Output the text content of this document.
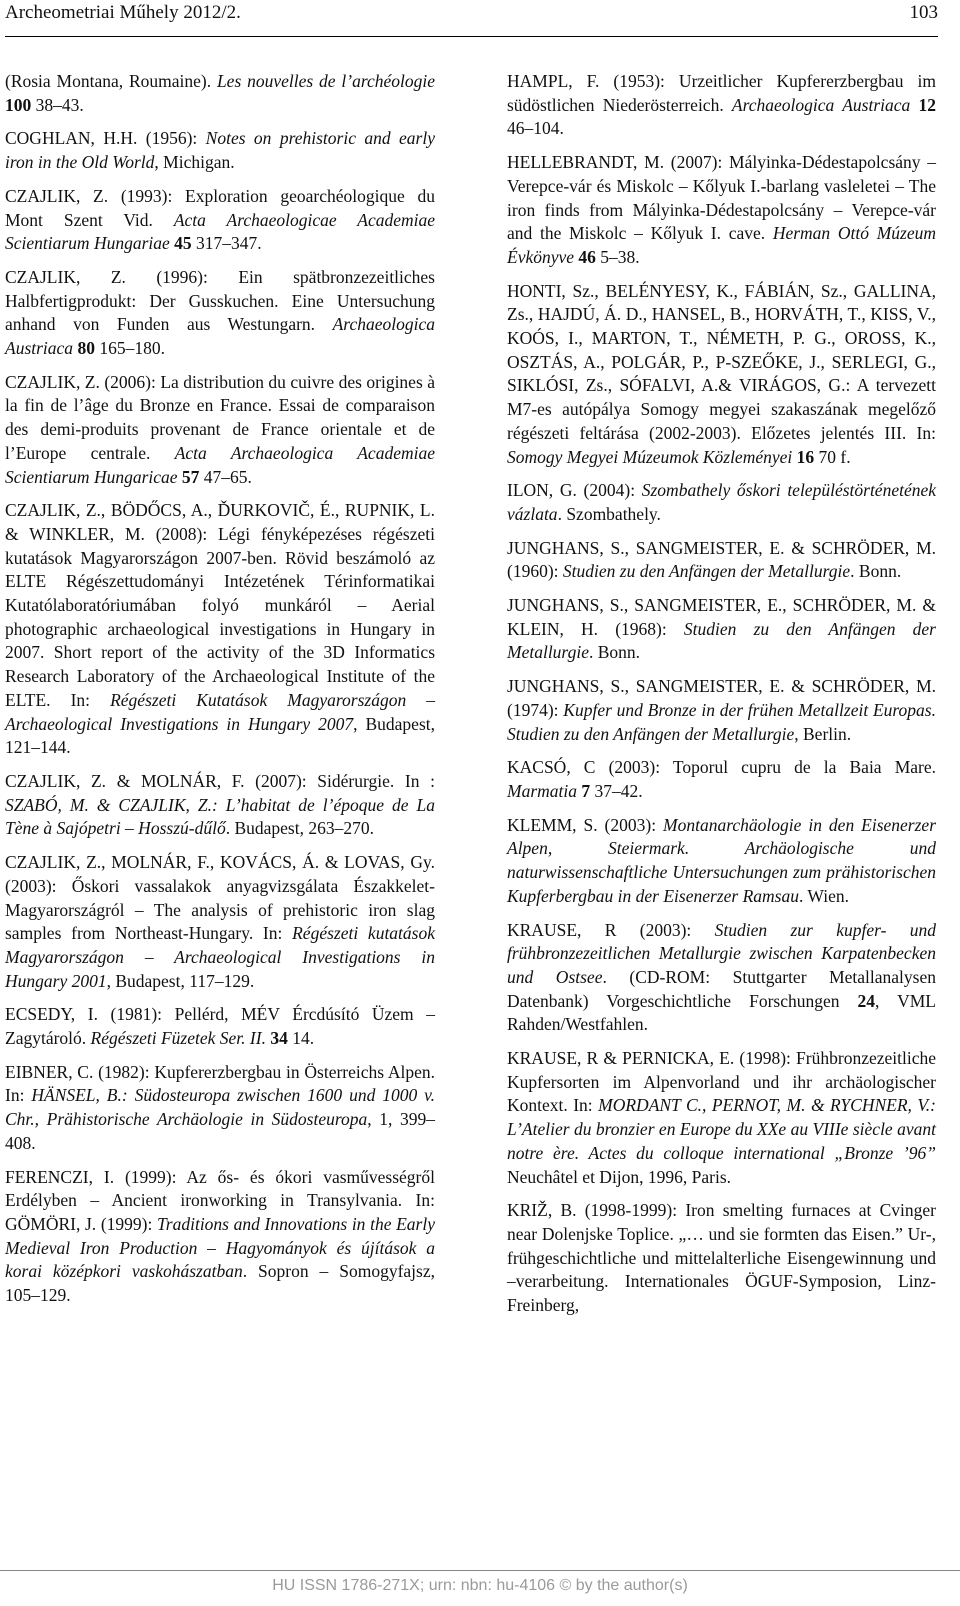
Archeometriai Műhely 2012/2.	103

(Rosia Montana, Roumaine). Les nouvelles de l’archéologie 100 38–43.

COGHLAN, H.H. (1956): Notes on prehistoric and early iron in the Old World, Michigan.

CZAJLIK, Z. (1993): Exploration geoarchéologique du Mont Szent Vid. Acta Archaeologicae Academiae Scientiarum Hungariae 45 317–347.

CZAJLIK, Z. (1996): Ein spätbronzezeitliches Halbfertigprodukt: Der Gusskuchen. Eine Untersuchung anhand von Funden aus Westungarn. Archaeologica Austriaca 80 165–180.

CZAJLIK, Z. (2006): La distribution du cuivre des origines à la fin de l’âge du Bronze en France. Essai de comparaison des demi-produits provenant de France orientale et de l’Europe centrale. Acta Archaeologica Academiae Scientiarum Hungaricae 57 47–65.

CZAJLIK, Z., BÖDŐCS, A., ĎURKOVIČ, É., RUPNIK, L. & WINKLER, M. (2008): Légi fényképezéses régészeti kutatások Magyarországon 2007-ben. Rövid beszámoló az ELTE Régészettudományi Intézetének Térinformatikai Kutatólaboratóriumában folyó munkáról – Aerial photographic archaeological investigations in Hungary in 2007. Short report of the activity of the 3D Informatics Research Laboratory of the Archaeological Institute of the ELTE. In: Régészeti Kutatások Magyarországon – Archaeological Investigations in Hungary 2007, Budapest, 121–144.

CZAJLIK, Z. & MOLNÁR, F. (2007): Sidérurgie. In : SZABÓ, M. & CZAJLIK, Z.: L’habitat de l’époque de La Tène à Sajópetri – Hosszú-dűlő. Budapest, 263–270.

CZAJLIK, Z., MOLNÁR, F., KOVÁCS, Á. & LOVAS, Gy. (2003): Őskori vassalakok anyagvizsgálata Északkelet-Magyarországról – The analysis of prehistoric iron slag samples from Northeast-Hungary. In: Régészeti kutatások Magyarországon – Archaeological Investigations in Hungary 2001, Budapest, 117–129.

ECSEDY, I. (1981): Pellérd, MÉV Ércdúsító Üzem – Zagytároló. Régészeti Füzetek Ser. II. 34 14.

EIBNER, C. (1982): Kupfererzbergbau in Österreichs Alpen. In: HÄNSEL, B.: Südosteuropa zwischen 1600 und 1000 v. Chr., Prähistorische Archäologie in Südosteuropa, 1, 399–408.

FERENCZI, I. (1999): Az ős- és ókori vasművességről Erdélyben – Ancient ironworking in Transylvania. In: GÖMÖRI, J. (1999): Traditions and Innovations in the Early Medieval Iron Production – Hagyományok és újítások a korai középkori vaskohászatban. Sopron – Somogyfajsz, 105–129.

HAMPL, F. (1953): Urzeitlicher Kupfererzbergbau im südöstlichen Niederösterreich. Archaeologica Austriaca 12 46–104.

HELLEBRANDT, M. (2007): Mályinka-Dédestapolcsány – Verepce-vár és Miskolc – Kőlyuk I.-barlang vasleletei – The iron finds from Mályinka-Dédestapolcsány – Verepce-vár and the Miskolc – Kőlyuk I. cave. Herman Ottó Múzeum Évkönyve 46 5–38.

HONTI, Sz., BELÉNYESY, K., FÁBIÁN, Sz., GALLINA, Zs., HAJDÚ, Á. D., HANSEL, B., HORVÁTH, T., KISS, V., KOÓS, I., MARTON, T., NÉMETH, P. G., OROSS, K., OSZTÁS, A., POLGÁR, P., P-SZEŐKE, J., SERLEGI, G., SIKLÓSI, Zs., SÓFALVI, A.& VIRÁGOS, G.: A tervezett M7-es autópálya Somogy megyei szakaszának megelőző régészeti feltárása (2002-2003). Előzetes jelentés III. In: Somogy Megyei Múzeumok Közleményei 16 70 f.

ILON, G. (2004): Szombathely őskori településtörténetének vázlata. Szombathely.

JUNGHANS, S., SANGMEISTER, E. & SCHRÖDER, M. (1960): Studien zu den Anfängen der Metallurgie. Bonn.

JUNGHANS, S., SANGMEISTER, E., SCHRÖDER, M. & KLEIN, H. (1968): Studien zu den Anfängen der Metallurgie. Bonn.

JUNGHANS, S., SANGMEISTER, E. & SCHRÖDER, M. (1974): Kupfer und Bronze in der frühen Metallzeit Europas. Studien zu den Anfängen der Metallurgie, Berlin.

KACSÓ, C (2003): Toporul cupru de la Baia Mare. Marmatia 7 37–42.

KLEMM, S. (2003): Montanarchäologie in den Eisenerzer Alpen, Steiermark. Archäologische und naturwissenschaftliche Untersuchungen zum prähistorischen Kupferbergbau in der Eisenerzer Ramsau. Wien.

KRAUSE, R (2003): Studien zur kupfer- und frühbronzezeitlichen Metallurgie zwischen Karpatenbecken und Ostsee. (CD-ROM: Stuttgarter Metallanalysen Datenbank) Vorgeschichtliche Forschungen 24, VML Rahden/Westfahlen.

KRAUSE, R & PERNICKA, E. (1998): Frühbronzezeitliche Kupfersorten im Alpenvorland und ihr archäologischer Kontext. In: MORDANT C., PERNOT, M. & RYCHNER, V.: L’Atelier du bronzier en Europe du XXe au VIIIe siècle avant notre ère. Actes du colloque international „Bronze ’96” Neuchâtel et Dijon, 1996, Paris.

KRIŽ, B. (1998-1999): Iron smelting furnaces at Cvinger near Dolenjske Toplice. „… und sie formten das Eisen.” Ur-, frühgeschichtliche und mittelalterliche Eisengewinnung und –verarbeitung. Internationales ÖGUF-Symposion, Linz-Freinberg,

HU ISSN 1786-271X; urn: nbn: hu-4106 © by the author(s)
